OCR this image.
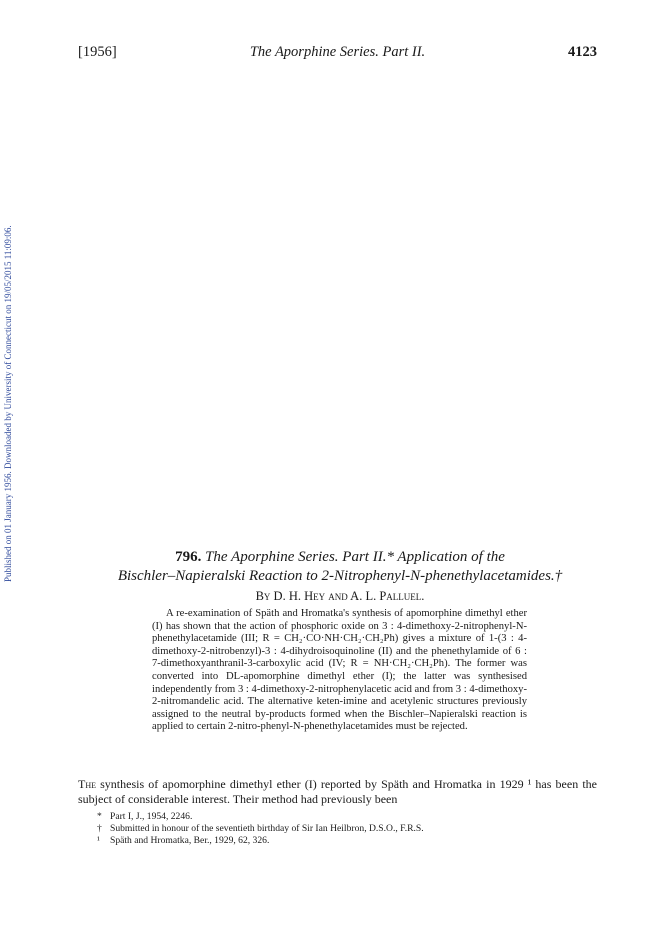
[1956]	The Aporphine Series. Part II.	4123
Published on 01 January 1956. Downloaded by University of Connecticut on 19/05/2015 11:09:06.	796. The Aporphine Series. Part II.* Application of the
Bischler–Napieralski Reaction to 2-Nitrophenyl-N-phenethylacetamides.†
By D. H. Hey and A. L. Palluel.

A re-examination of Späth and Hromatka's synthesis of apomorphine dimethyl ether (I) has shown that the action of phosphoric oxide on 3 : 4-dimethoxy-2-nitrophenyl-N-phenethylacetamide (III; R = CH₂·CO·NH·CH₂·CH₂Ph) gives a mixture of 1-(3 : 4-dimethoxy-2-nitrobenzyl)-3 : 4-dihydroisoquinoline (II) and the phenethylamide of 6 : 7-dimethoxyanthranil-3-carboxylic acid (IV; R = NH·CH₂·CH₂Ph). The former was converted into DL-apomorphine dimethyl ether (I); the latter was synthesised independently from 3 : 4-dimethoxy-2-nitrophenylacetic acid and from 3 : 4-dimethoxy-2-nitromandelic acid. The alternative keten-imine and acetylenic structures previously assigned to the neutral by-products formed when the Bischler–Napieralski reaction is applied to certain 2-nitro-phenyl-N-phenethylacetamides must be rejected.

The synthesis of apomorphine dimethyl ether (I) reported by Späth and Hromatka in 1929 ¹ has been the subject of considerable interest. Their method had previously been

* Part I, J., 1954, 2246.

† Submitted in honour of the seventieth birthday of Sir Ian Heilbron, D.S.O., F.R.S.

¹ Späth and Hromatka, Ber., 1929, 62, 326.
